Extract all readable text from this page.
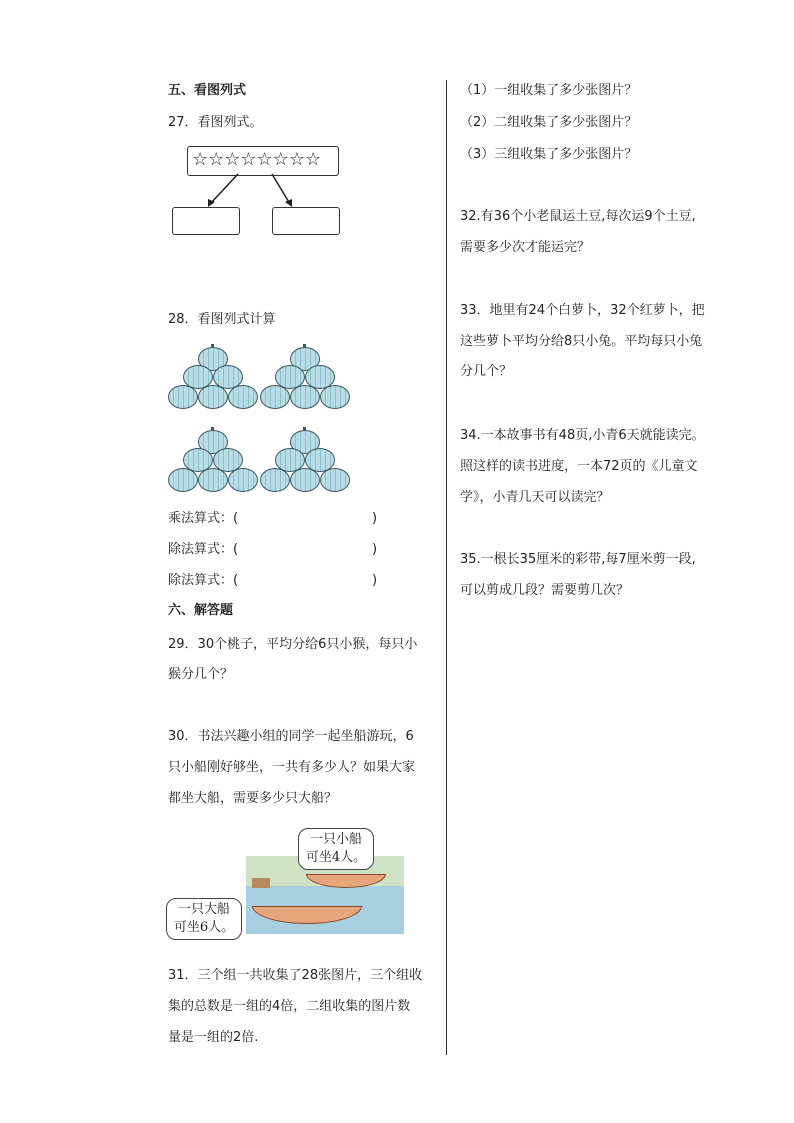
五、看图列式
27．看图列式。
☆☆☆☆☆☆☆☆
28．看图列式计算
乘法算式：(	)
除法算式：(	)
除法算式：(	)
六、解答题
29．30个桃子，平均分给6只小猴，每只小
猴分几个？
30．书法兴趣小组的同学一起坐船游玩，6
只小船刚好够坐，一共有多少人？如果大家
都坐大船，需要多少只大船？
一只小船
可坐4人。
一只大船
可坐6人。
31．三个组一共收集了28张图片，三个组收
集的总数是一组的4倍，二组收集的图片数
量是一组的2倍.
（1）一组收集了多少张图片？
（2）二组收集了多少张图片？
（3）三组收集了多少张图片？
32.有36个小老鼠运土豆,每次运9个土豆,
需要多少次才能运完？
33．地里有24个白萝卜，32个红萝卜，把
这些萝卜平均分给8只小兔。平均每只小兔
分几个？
34.一本故事书有48页,小青6天就能读完。
照这样的读书进度，一本72页的《儿童文
学》，小青几天可以读完？
35.一根长35厘米的彩带,每7厘米剪一段,
可以剪成几段？需要剪几次？
